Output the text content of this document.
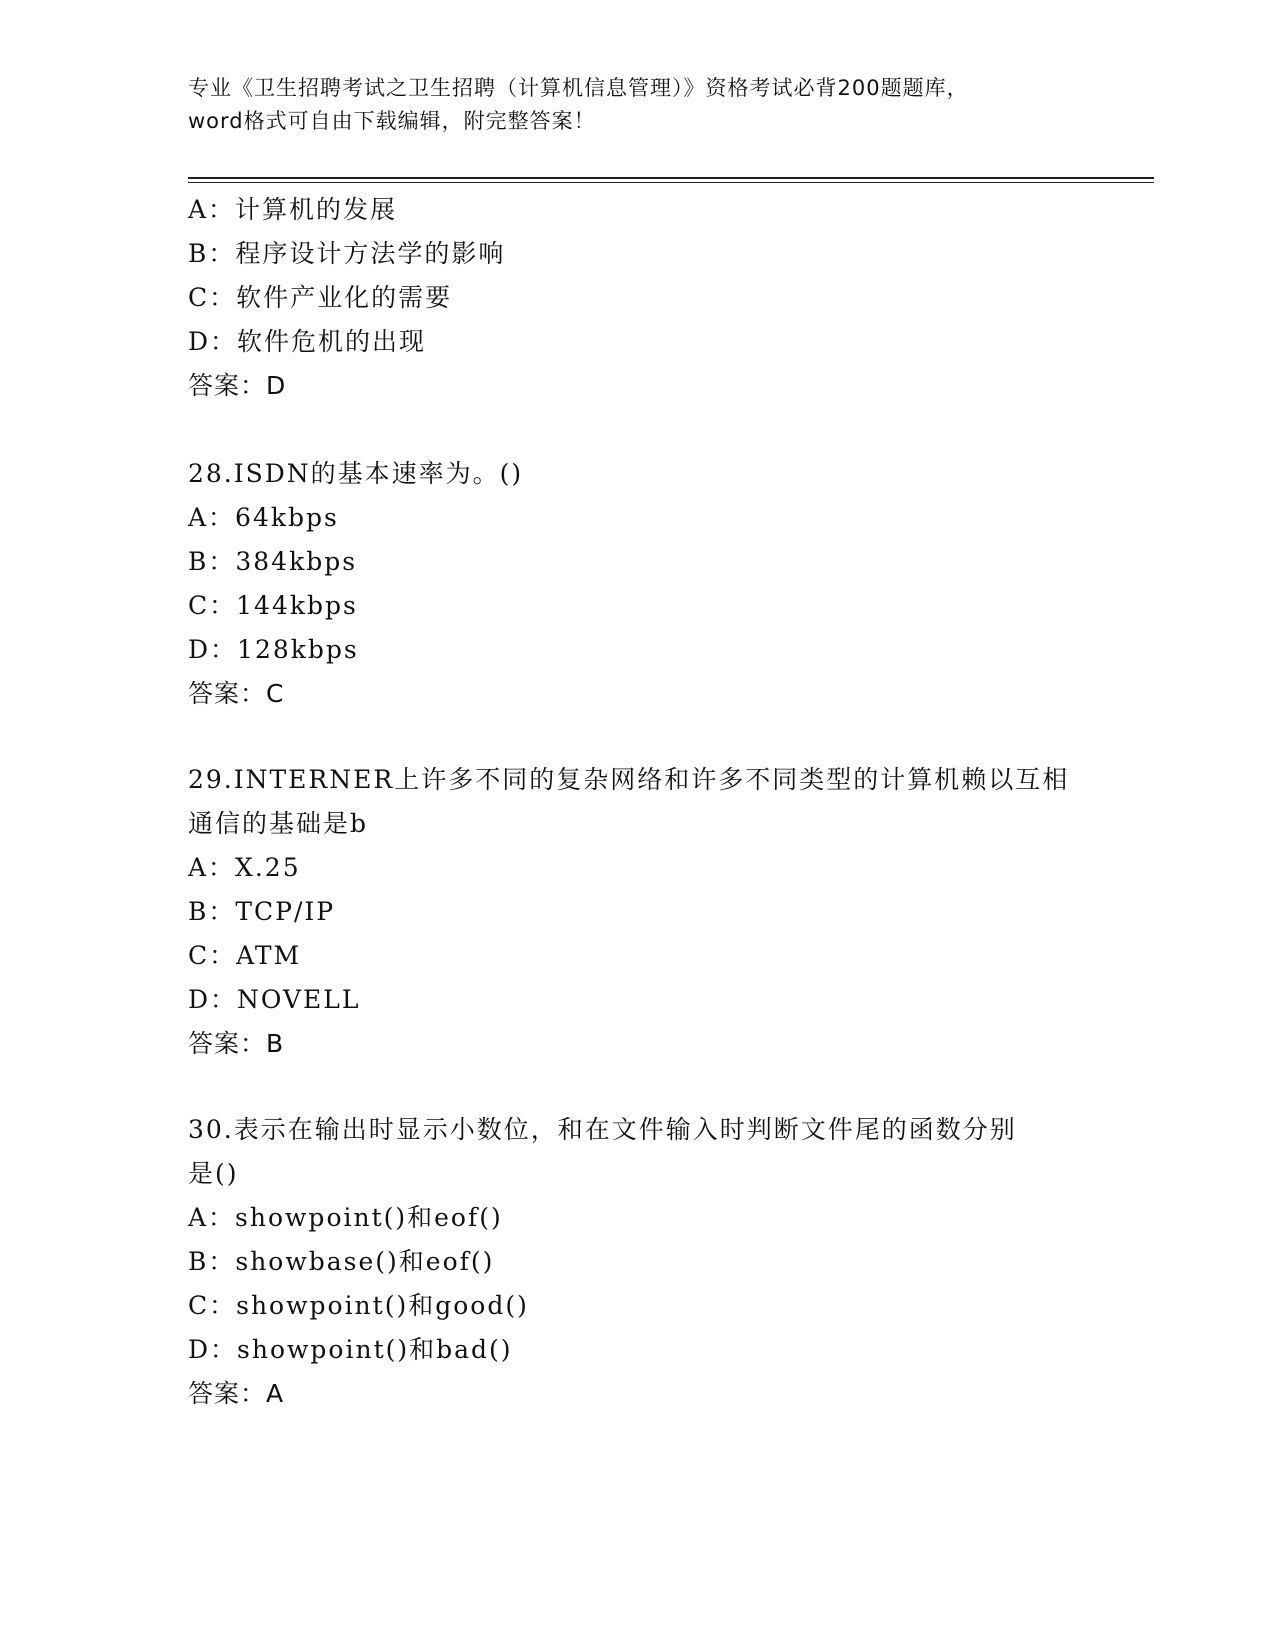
专业《卫生招聘考试之卫生招聘（计算机信息管理）》资格考试必背200题题库，
word格式可自由下载编辑，附完整答案！
A：计算机的发展
B：程序设计方法学的影响
C：软件产业化的需要
D：软件危机的出现
答案：D
28.ISDN的基本速率为。()
A：64kbps
B：384kbps
C：144kbps
D：128kbps
答案：C
29.INTERNER上许多不同的复杂网络和许多不同类型的计算机赖以互相
通信的基础是b
A：X.25
B：TCP/IP
C：ATM
D：NOVELL
答案：B
30.表示在输出时显示小数位，和在文件输入时判断文件尾的函数分别
是()
A：showpoint()和eof()
B：showbase()和eof()
C：showpoint()和good()
D：showpoint()和bad()
答案：A
